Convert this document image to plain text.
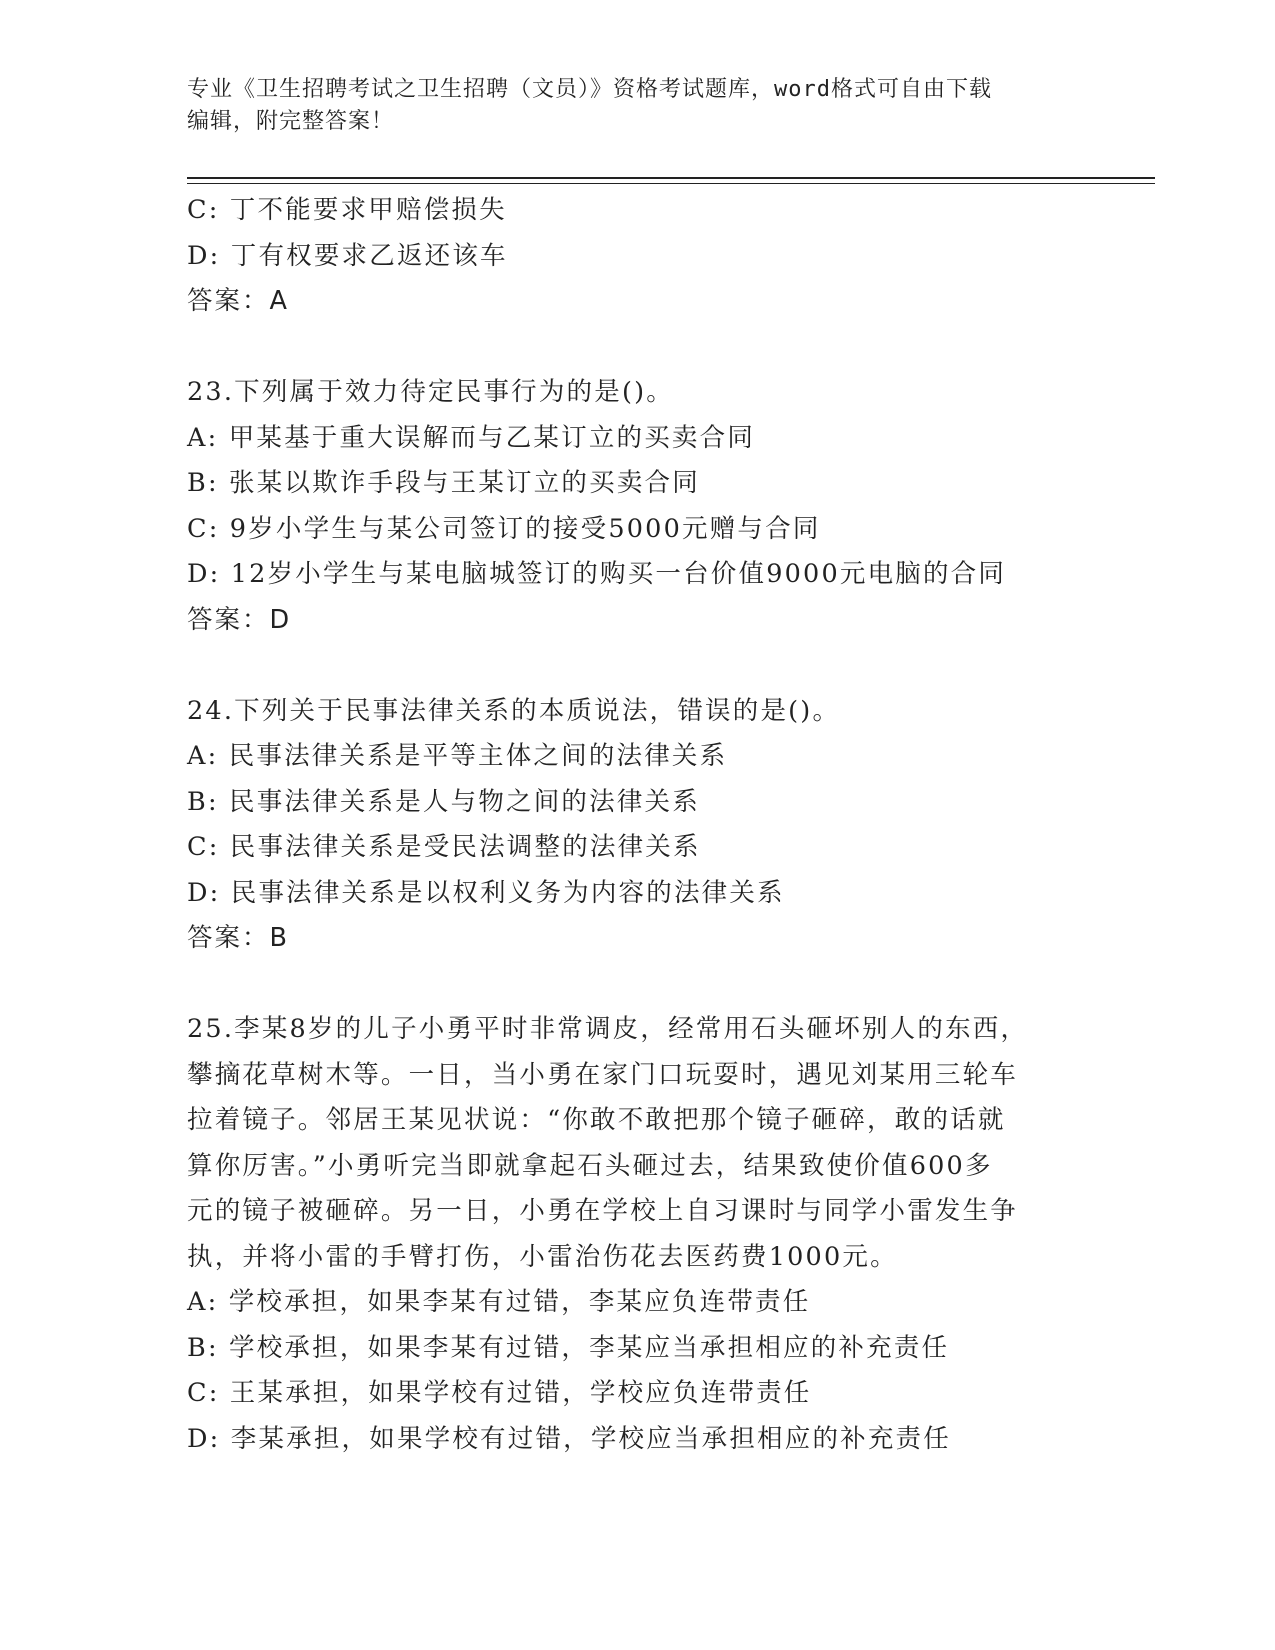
专业《卫生招聘考试之卫生招聘（文员）》资格考试题库，word格式可自由下载
编辑，附完整答案！
C: 丁不能要求甲赔偿损失
D: 丁有权要求乙返还该车
答案：A
23.下列属于效力待定民事行为的是()。
A: 甲某基于重大误解而与乙某订立的买卖合同
B: 张某以欺诈手段与王某订立的买卖合同
C: 9岁小学生与某公司签订的接受5000元赠与合同
D: 12岁小学生与某电脑城签订的购买一台价值9000元电脑的合同
答案：D
24.下列关于民事法律关系的本质说法，错误的是()。
A: 民事法律关系是平等主体之间的法律关系
B: 民事法律关系是人与物之间的法律关系
C: 民事法律关系是受民法调整的法律关系
D: 民事法律关系是以权利义务为内容的法律关系
答案：B
25.李某8岁的儿子小勇平时非常调皮，经常用石头砸坏别人的东西，
攀摘花草树木等。一日，当小勇在家门口玩耍时，遇见刘某用三轮车
拉着镜子。邻居王某见状说：“你敢不敢把那个镜子砸碎，敢的话就
算你厉害。”小勇听完当即就拿起石头砸过去，结果致使价值600多
元的镜子被砸碎。另一日，小勇在学校上自习课时与同学小雷发生争
执，并将小雷的手臂打伤，小雷治伤花去医药费1000元。
A: 学校承担，如果李某有过错，李某应负连带责任
B: 学校承担，如果李某有过错，李某应当承担相应的补充责任
C: 王某承担，如果学校有过错，学校应负连带责任
D: 李某承担，如果学校有过错，学校应当承担相应的补充责任
